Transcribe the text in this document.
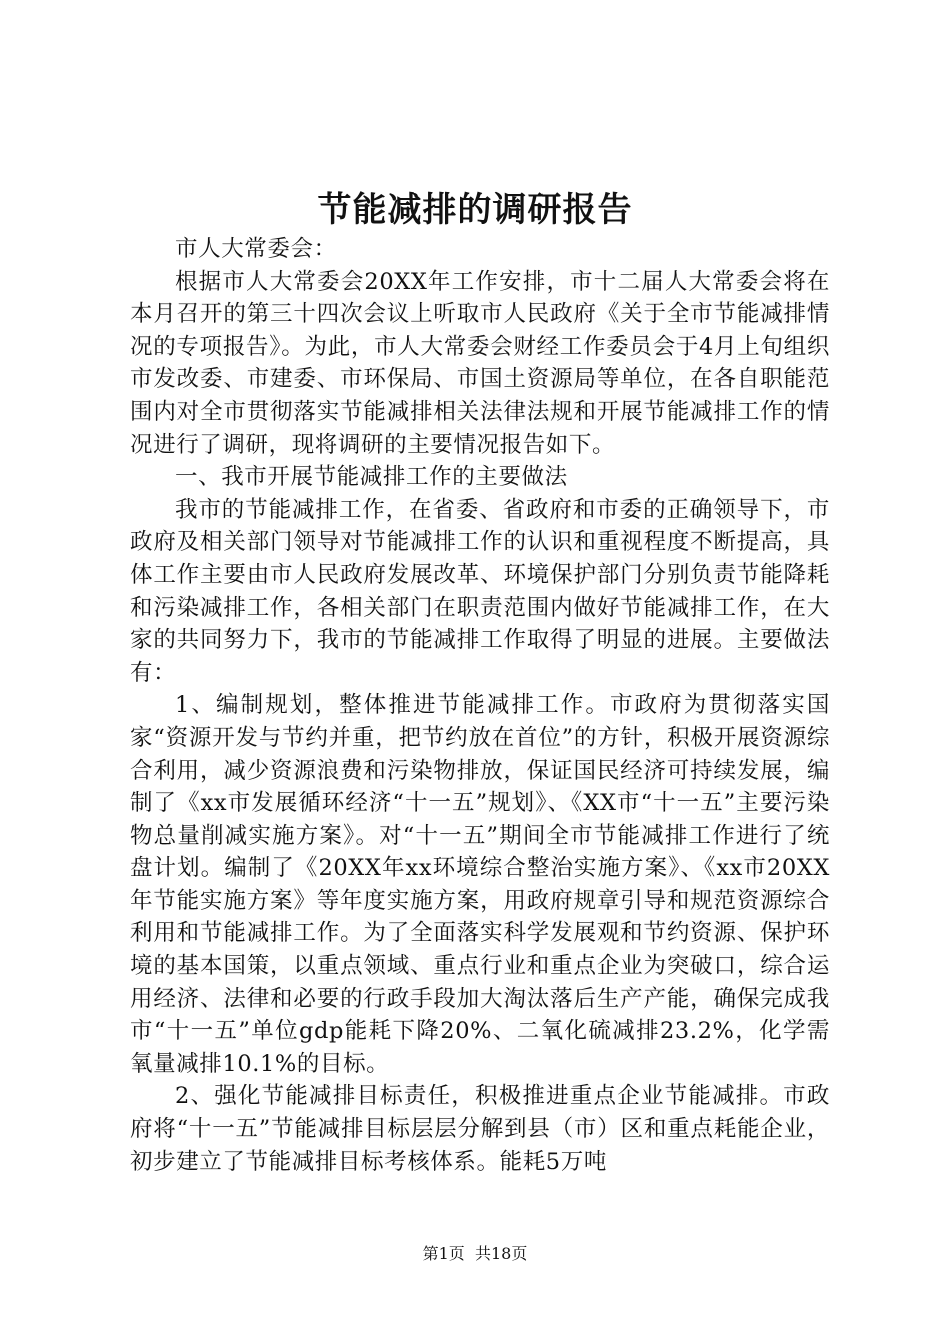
节能减排的调研报告

市人大常委会：

根据市人大常委会20XX年工作安排，市十二届人大常委会将在本月召开的第三十四次会议上听取市人民政府《关于全市节能减排情况的专项报告》。为此，市人大常委会财经工作委员会于4月上旬组织市发改委、市建委、市环保局、市国土资源局等单位，在各自职能范围内对全市贯彻落实节能减排相关法律法规和开展节能减排工作的情况进行了调研，现将调研的主要情况报告如下。

一、我市开展节能减排工作的主要做法

我市的节能减排工作，在省委、省政府和市委的正确领导下，市政府及相关部门领导对节能减排工作的认识和重视程度不断提高，具体工作主要由市人民政府发展改革、环境保护部门分别负责节能降耗和污染减排工作，各相关部门在职责范围内做好节能减排工作，在大家的共同努力下，我市的节能减排工作取得了明显的进展。主要做法有：

1、编制规划，整体推进节能减排工作。市政府为贯彻落实国家“资源开发与节约并重，把节约放在首位”的方针，积极开展资源综合利用，减少资源浪费和污染物排放，保证国民经济可持续发展，编制了《xx市发展循环经济“十一五”规划》、《XX市“十一五”主要污染物总量削减实施方案》。对“十一五”期间全市节能减排工作进行了统盘计划。编制了《20XX年xx环境综合整治实施方案》、《xx市20XX年节能实施方案》等年度实施方案，用政府规章引导和规范资源综合利用和节能减排工作。为了全面落实科学发展观和节约资源、保护环境的基本国策，以重点领域、重点行业和重点企业为突破口，综合运用经济、法律和必要的行政手段加大淘汰落后生产产能，确保完成我市“十一五”单位gdp能耗下降20%、二氧化硫减排23.2%，化学需氧量减排10.1%的目标。

2、强化节能减排目标责任，积极推进重点企业节能减排。市政府将“十一五”节能减排目标层层分解到县（市）区和重点耗能企业，初步建立了节能减排目标考核体系。能耗5万吨

第1页 共18页
